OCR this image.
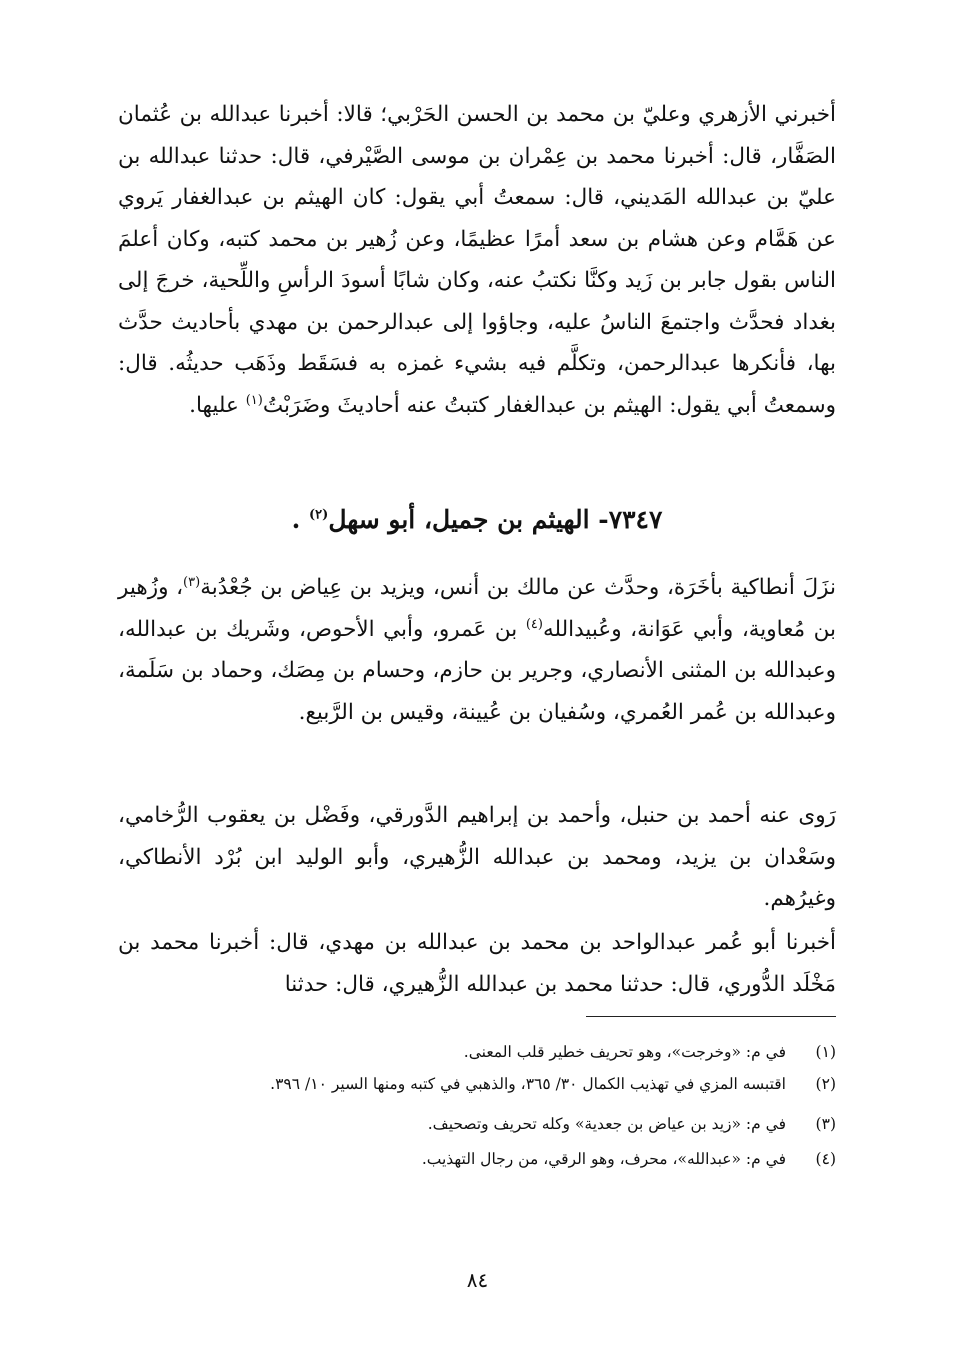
أخبرني الأزهري وعليّ بن محمد بن الحسن الحَرْبي؛ قالا: أخبرنا عبدالله بن عُثمان الصَفَّار، قال: أخبرنا محمد بن عِمْران بن موسى الصَّيْرفي، قال: حدثنا عبدالله بن عليّ بن عبدالله المَديني، قال: سمعتُ أبي يقول: كان الهيثم بن عبدالغفار يَروي عن هَمَّام وعن هشام بن سعد أمرًا عظيمًا، وعن زُهير بن محمد كتبه، وكان أعلمَ الناس بقول جابر بن زَيد وكنَّا نكتبُ عنه، وكان شابًا أسودَ الرأسِ واللِّحية، خرجَ إلى بغداد فحدَّث واجتمعَ الناسُ عليه، وجاؤوا إلى عبدالرحمن بن مهدي بأحاديث حدَّث بها، فأنكرها عبدالرحمن، وتكلَّم فيه بشيء غمزه به فسَقَط وذَهَب حديثُه. قال: وسمعتُ أبي يقول: الهيثم بن عبدالغفار كتبتُ عنه أحاديثَ وضَرَبْتُ$^{(١)}$ عليها.

٧٣٤٧- الهيثم بن جميل، أبو سهل$^{(٢)}$ .

نزَلَ أنطاكية بأخَرَة، وحدَّث عن مالك بن أنس، ويزيد بن عِياض بن جُعْدُبة$^{(٣)}$، وزُهير بن مُعاوية، وأبي عَوَانة، وعُبيدالله$^{(٤)}$ بن عَمرو، وأبي الأحوص، وشَريك بن عبدالله، وعبدالله بن المثنى الأنصاري، وجرير بن حازم، وحسام بن مِصَك، وحماد بن سَلَمة، وعبدالله بن عُمر العُمري، وسُفيان بن عُيينة، وقيس بن الرَّبيع.

رَوى عنه أحمد بن حنبل، وأحمد بن إبراهيم الدَّورقي، وفَضْل بن يعقوب الرُّخامي، وسَعْدان بن يزيد، ومحمد بن عبدالله الزُّهيري، وأبو الوليد ابن بُرْد الأنطاكي، وغيرُهم.

أخبرنا أبو عُمر عبدالواحد بن محمد بن عبدالله بن مهدي، قال: أخبرنا محمد بن مَخْلَد الدُّوري، قال: حدثنا محمد بن عبدالله الزُّهيري، قال: حدثنا

(١)في م: «وخرجت»، وهو تحريف خطير قلب المعنى.
(٢)اقتبسه المزي في تهذيب الكمال ٣٠/ ٣٦٥، والذهبي في كتبه ومنها السير ١٠/ ٣٩٦.
(٣)في م: «زيد بن عياض بن جعدية» وكله تحريف وتصحيف.
(٤)في م: «عبدالله»، محرف، وهو الرقي، من رجال التهذيب.
٨٤
